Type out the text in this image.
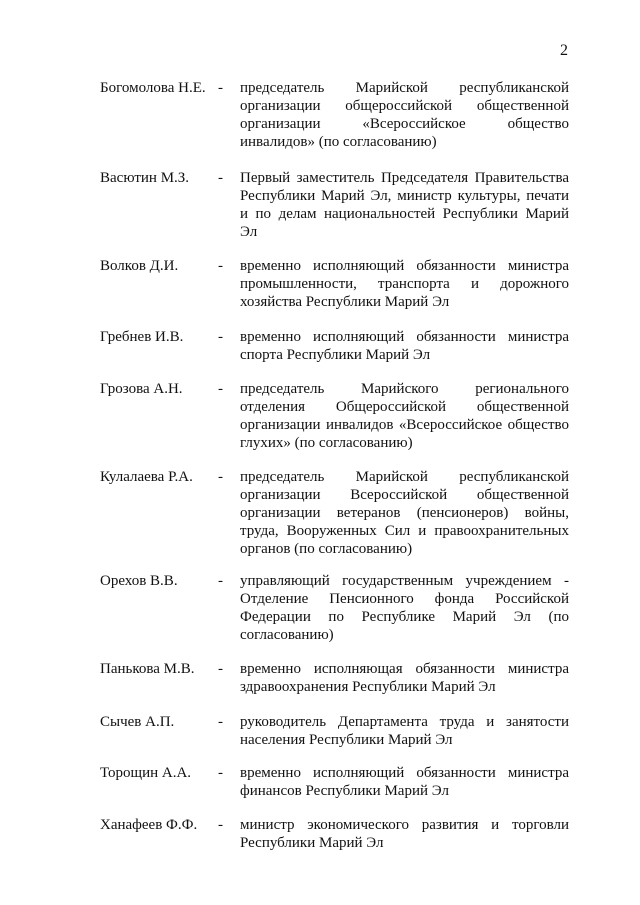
2
Богомолова Н.Е. - председатель Марийской республиканской организации общероссийской общественной организации «Всероссийское общество инвалидов» (по согласованию)
Васютин М.З. - Первый заместитель Председателя Правительства Республики Марий Эл, министр культуры, печати и по делам национальностей Республики Марий Эл
Волков Д.И.	- временно исполняющий обязанности министра промышленности, транспорта и дорожного хозяйства Республики Марий Эл
Гребнев И.В. - временно исполняющий обязанности министра спорта Республики Марий Эл
Грозова А.Н. - председатель Марийского регионального отделения Общероссийской общественной организации инвалидов «Всероссийское общество глухих» (по согласованию)
Кулалаева Р.А. - председатель Марийской республиканской организации Всероссийской общественной организации ветеранов (пенсионеров) войны, труда, Вооруженных Сил и правоохранительных органов (по согласованию)
Орехов В.В.	- управляющий государственным учреждением - Отделение Пенсионного фонда Российской Федерации по Республике Марий Эл (по согласованию)
Панькова М.В. - временно исполняющая обязанности министра здравоохранения Республики Марий Эл
Сычев А.П.	- руководитель Департамента труда и занятости населения Республики Марий Эл
Торощин А.А. - временно исполняющий обязанности министра финансов Республики Марий Эл
Ханафеев Ф.Ф. - министр экономического развития и торговли Республики Марий Эл
